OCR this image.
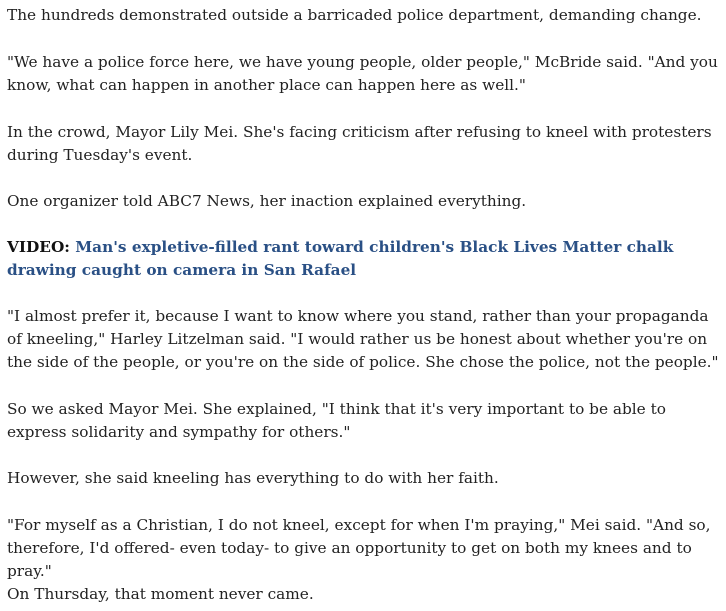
The hundreds demonstrated outside a barricaded police department, demanding change.

"We have a police force here, we have young people, older people," McBride said. "And you know, what can happen in another place can happen here as well."

In the crowd, Mayor Lily Mei. She's facing criticism after refusing to kneel with protesters during Tuesday's event.

One organizer told ABC7 News, her inaction explained everything.

VIDEO: Man's expletive-filled rant toward children's Black Lives Matter chalk drawing caught on camera in San Rafael

"I almost prefer it, because I want to know where you stand, rather than your propaganda of kneeling," Harley Litzelman said. "I would rather us be honest about whether you're on the side of the people, or you're on the side of police. She chose the police, not the people."

So we asked Mayor Mei. She explained, "I think that it's very important to be able to express solidarity and sympathy for others."

However, she said kneeling has everything to do with her faith.

"For myself as a Christian, I do not kneel, except for when I'm praying," Mei said. "And so, therefore, I'd offered- even today- to give an opportunity to get on both my knees and to pray."

On Thursday, that moment never came.
